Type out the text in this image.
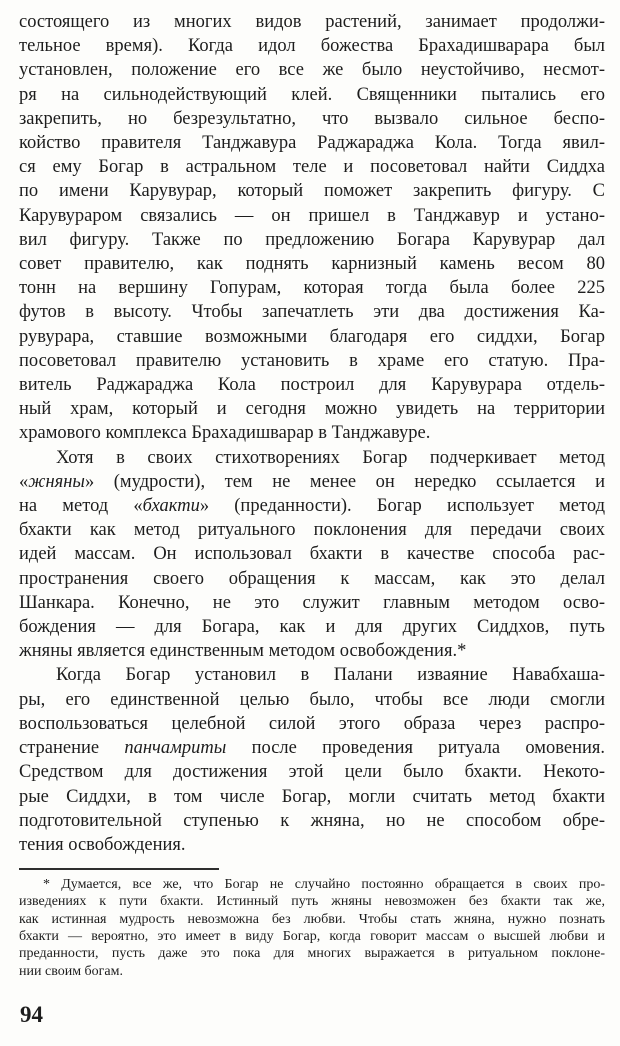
состоящего из многих видов растений, занимает продолжи-
тельное время). Когда идол божества Брахадишварара был
установлен, положение его все же было неустойчиво, несмот-
ря на сильнодействующий клей. Священники пытались его
закрепить, но безрезультатно, что вызвало сильное беспо-
койство правителя Танджавура Раджараджа Кола. Тогда явил-
ся ему Богар в астральном теле и посоветовал найти Сиддха
по имени Карувурар, который поможет закрепить фигуру. С
Карувураром связались — он пришел в Танджавур и устано-
вил фигуру. Также по предложению Богара Карувурар дал
совет правителю, как поднять карнизный камень весом 80
тонн на вершину Гопурам, которая тогда была более 225
футов в высоту. Чтобы запечатлеть эти два достижения Ка-
рувурара, ставшие возможными благодаря его сиддхи, Богар
посоветовал правителю установить в храме его статую. Пра-
витель Раджараджа Кола построил для Карувурара отдель-
ный храм, который и сегодня можно увидеть на территории
храмового комплекса Брахадишварар в Танджавуре.
Хотя в своих стихотворениях Богар подчеркивает метод
«жняны» (мудрости), тем не менее он нередко ссылается и
на метод «бхакти» (преданности). Богар использует метод
бхакти как метод ритуального поклонения для передачи своих
идей массам. Он использовал бхакти в качестве способа рас-
пространения своего обращения к массам, как это делал
Шанкара. Конечно, не это служит главным методом осво-
бождения — для Богара, как и для других Сиддхов, путь
жняны является единственным методом освобождения.*
Когда Богар установил в Палани изваяние Навабхаша-
ры, его единственной целью было, чтобы все люди смогли
воспользоваться целебной силой этого образа через распро-
странение панчамриты после проведения ритуала омовения.
Средством для достижения этой цели было бхакти. Некото-
рые Сиддхи, в том числе Богар, могли считать метод бхакти
подготовительной ступенью к жняна, но не способом обре-
тения освобождения.
* Думается, все же, что Богар не случайно постоянно обращается в своих про-
изведениях к пути бхакти. Истинный путь жняны невозможен без бхакти так же,
как истинная мудрость невозможна без любви. Чтобы стать жняна, нужно познать
бхакти — вероятно, это имеет в виду Богар, когда говорит массам о высшей любви и
преданности, пусть даже это пока для многих выражается в ритуальном поклоне-
нии своим богам.
94
